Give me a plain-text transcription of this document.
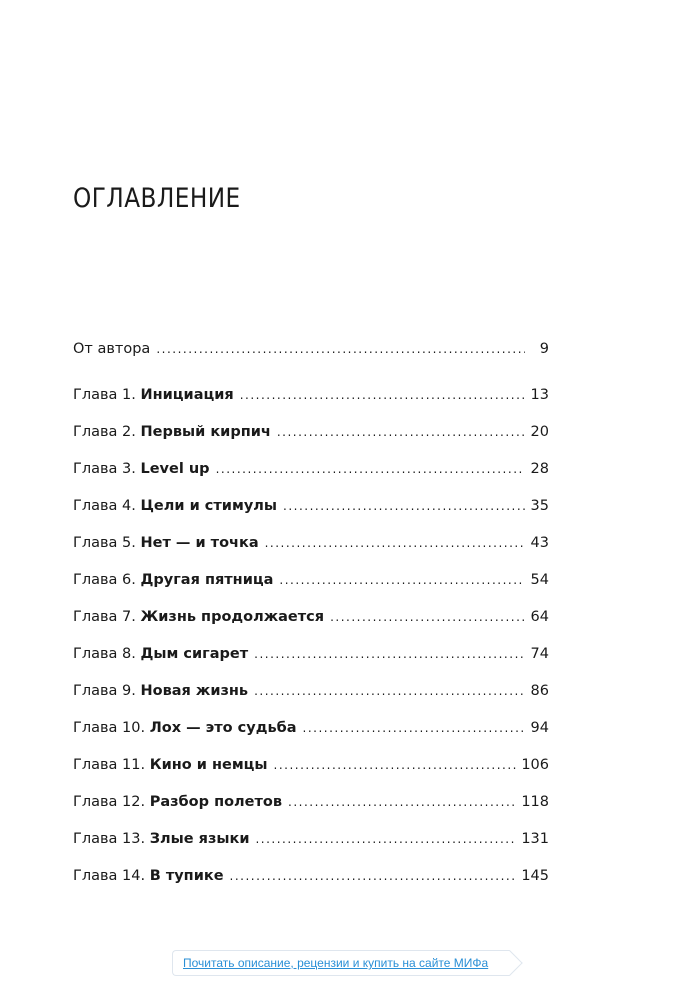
ОГЛАВЛЕНИЕ
От автора .....	9
Глава 1. Инициация .....	13
Глава 2. Первый кирпич .....	20
Глава 3. Level up .....	28
Глава 4. Цели и стимулы .....	35
Глава 5. Нет — и точка .....	43
Глава 6. Другая пятница .....	54
Глава 7. Жизнь продолжается .....	64
Глава 8. Дым сигарет .....	74
Глава 9. Новая жизнь .....	86
Глава 10. Лох — это судьба .....	94
Глава 11. Кино и немцы .....	106
Глава 12. Разбор полетов .....	118
Глава 13. Злые языки .....	131
Глава 14. В тупике .....	145
Почитать описание, рецензии и купить на сайте МИФа
